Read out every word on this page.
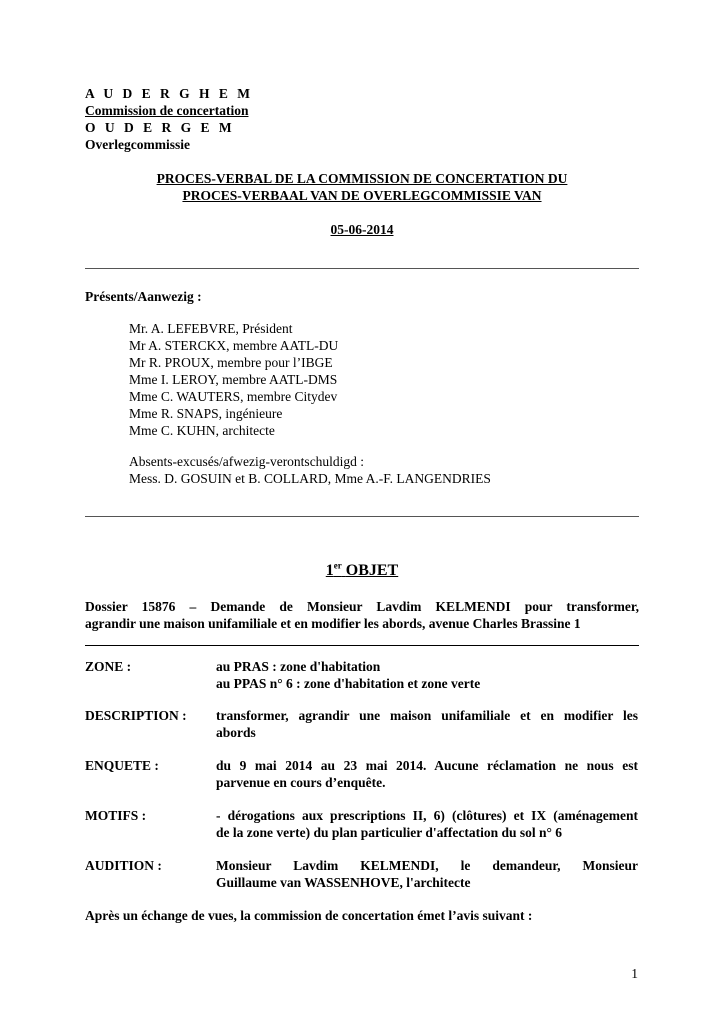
A U D E R G H E M
Commission de concertation
O U D E R G E M
Overlegcommissie
PROCES-VERBAL DE LA COMMISSION DE CONCERTATION DU
PROCES-VERBAAL VAN DE OVERLEGCOMMISSIE VAN
05-06-2014
Présents/Aanwezig :
Mr. A. LEFEBVRE, Président
Mr A. STERCKX, membre AATL-DU
Mr R. PROUX, membre pour l’IBGE
Mme I. LEROY, membre AATL-DMS
Mme C. WAUTERS, membre Citydev
Mme R. SNAPS, ingénieure
Mme C. KUHN, architecte
Absents-excusés/afwezig-verontschuldigd :
Mess. D. GOSUIN et B. COLLARD, Mme A.-F. LANGENDRIES
1er OBJET
Dossier 15876 – Demande de Monsieur Lavdim KELMENDI pour transformer,
agrandir une maison unifamiliale et en modifier les abords, avenue Charles Brassine 1
ZONE :	au PRAS : zone d'habitation
au PPAS n° 6 : zone d'habitation et zone verte
DESCRIPTION : transformer, agrandir une maison unifamiliale et en modifier les
abords
ENQUETE :	du 9 mai 2014 au 23 mai 2014. Aucune réclamation ne nous est
parvenue en cours d’enquête.
MOTIFS :	- dérogations aux prescriptions II, 6) (clôtures) et IX (aménagement
de la zone verte) du plan particulier d'affectation du sol n° 6
AUDITION :	Monsieur Lavdim KELMENDI, le demandeur, Monsieur
Guillaume van WASSENHOVE, l'architecte
Après un échange de vues, la commission de concertation émet l’avis suivant :
1
